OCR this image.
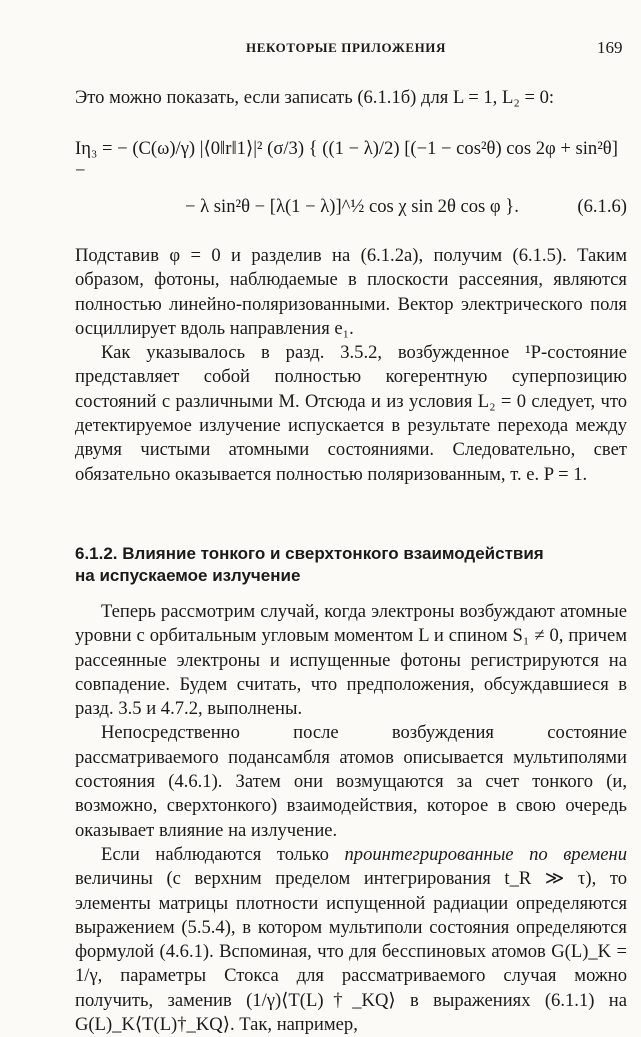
НЕКОТОРЫЕ ПРИЛОЖЕНИЯ	169

Это можно показать, если записать (6.1.1б) для L = 1, L₂ = 0:

Iη₃ = − (C(ω)/γ) |⟨0‖r‖1⟩|² (σ/3) { ((1 − λ)/2) [(−1 − cos²θ) cos 2φ + sin²θ] −
− λ sin²θ − [λ(1 − λ)]^½ cos χ sin 2θ cos φ }.	(6.1.6)

Подставив φ = 0 и разделив на (6.1.2a), получим (6.1.5). Таким образом, фотоны, наблюдаемые в плоскости рассеяния, являются полностью линейно-поляризованными. Вектор электрического поля осциллирует вдоль направления e₁.

Как указывалось в разд. 3.5.2, возбужденное ¹P-состояние представляет собой полностью когерентную суперпозицию состояний с различными M. Отсюда и из условия L₂ = 0 следует, что детектируемое излучение испускается в результате перехода между двумя чистыми атомными состояниями. Следовательно, свет обязательно оказывается полностью поляризованным, т. е. P = 1.

6.1.2. Влияние тонкого и сверхтонкого взаимодействия
на испускаемое излучение

Теперь рассмотрим случай, когда электроны возбуждают атомные уровни с орбитальным угловым моментом L и спином S₁ ≠ 0, причем рассеянные электроны и испущенные фотоны регистрируются на совпадение. Будем считать, что предположения, обсуждавшиеся в разд. 3.5 и 4.7.2, выполнены.

Непосредственно после возбуждения состояние рассматриваемого подансамбля атомов описывается мультиполями состояния (4.6.1). Затем они возмущаются за счет тонкого (и, возможно, сверхтонкого) взаимодействия, которое в свою очередь оказывает влияние на излучение.

Если наблюдаются только проинтегрированные по времени величины (с верхним пределом интегрирования t_R ≫ τ), то элементы матрицы плотности испущенной радиации определяются выражением (5.5.4), в котором мультиполи состояния определяются формулой (4.6.1). Вспоминая, что для бесспиновых атомов G(L)_K = 1/γ, параметры Стокса для рассматриваемого случая можно получить, заменив (1/γ)⟨T(L)†_KQ⟩ в выражениях (6.1.1) на G(L)_K⟨T(L)†_KQ⟩. Так, например,
